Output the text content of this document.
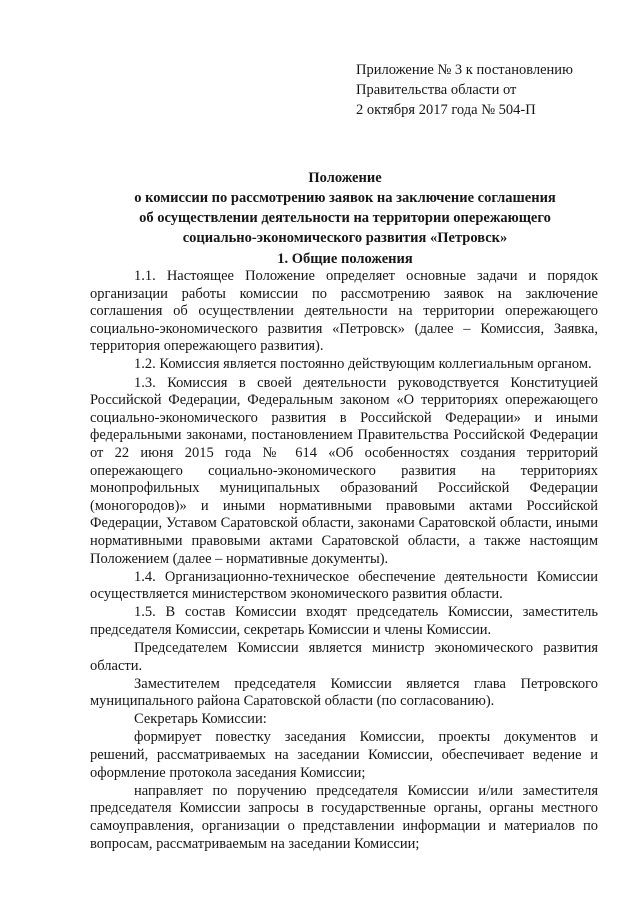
Приложение № 3 к постановлению
Правительства области от
2 октября 2017 года № 504-П
Положение
о комиссии по рассмотрению заявок на заключение соглашения
об осуществлении деятельности на территории опережающего
социально-экономического развития «Петровск»
1. Общие положения

1.1. Настоящее Положение определяет основные задачи и порядок организации работы комиссии по рассмотрению заявок на заключение соглашения об осуществлении деятельности на территории опережающего социально-экономического развития «Петровск» (далее – Комиссия, Заявка, территория опережающего развития).

1.2. Комиссия является постоянно действующим коллегиальным органом.

1.3. Комиссия в своей деятельности руководствуется Конституцией Российской Федерации, Федеральным законом «О территориях опережающего социально-экономического развития в Российской Федерации» и иными федеральными законами, постановлением Правительства Российской Федерации от 22 июня 2015 года № 614 «Об особенностях создания территорий опережающего социально-экономического развития на территориях монопрофильных муниципальных образований Российской Федерации (моногородов)» и иными нормативными правовыми актами Российской Федерации, Уставом Саратовской области, законами Саратовской области, иными нормативными правовыми актами Саратовской области, а также настоящим Положением (далее – нормативные документы).

1.4. Организационно-техническое обеспечение деятельности Комиссии осуществляется министерством экономического развития области.

1.5. В состав Комиссии входят председатель Комиссии, заместитель председателя Комиссии, секретарь Комиссии и члены Комиссии.

Председателем Комиссии является министр экономического развития области.

Заместителем председателя Комиссии является глава Петровского муниципального района Саратовской области (по согласованию).

Секретарь Комиссии:

формирует повестку заседания Комиссии, проекты документов и решений, рассматриваемых на заседании Комиссии, обеспечивает ведение и оформление протокола заседания Комиссии;

направляет по поручению председателя Комиссии и/или заместителя председателя Комиссии запросы в государственные органы, органы местного самоуправления, организации о представлении информации и материалов по вопросам, рассматриваемым на заседании Комиссии;
